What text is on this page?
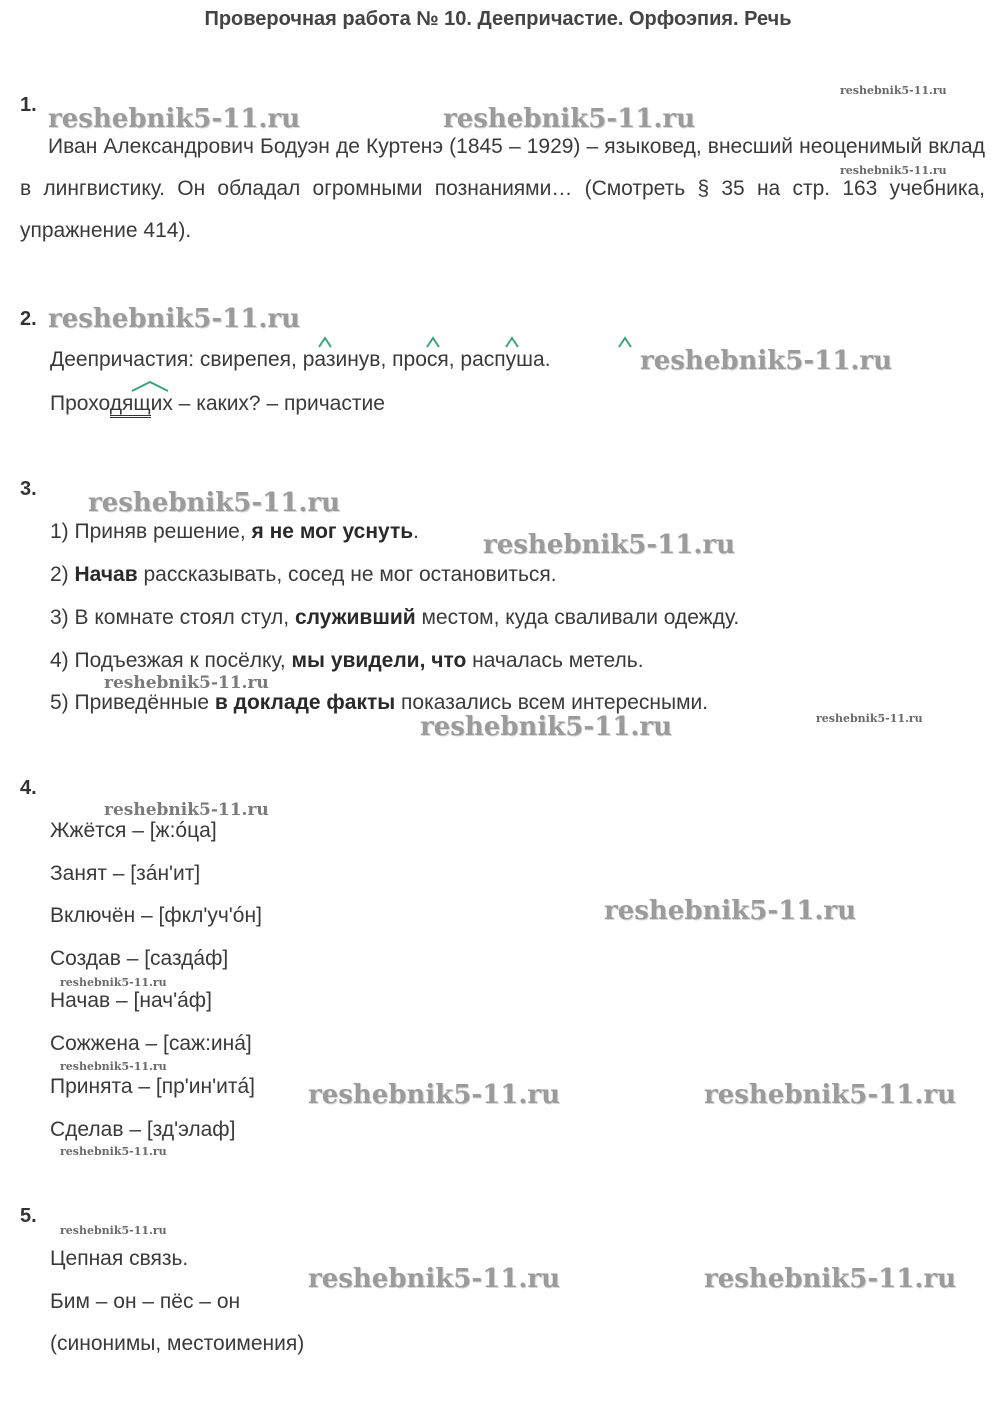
Проверочная работа № 10. Деепричастие. Орфоэпия. Речь
1. reshebnik5-11.ru	reshebnik5-11.ru
reshebnik5-11.ru
reshebnik5-11.ru
Иван Александрович Бодуэн де Куртенэ (1845 – 1929) – языковед, внесший неоценимый вклад в лингвистику. Он обладал огромными познаниями… (Смотреть § 35 на стр. 163 учебника, упражнение 414).
2. reshebnik5-11.ru
Деепричастия: свирепея, разинув, прося, распуша.	reshebnik5-11.ru
Проходящих – каких? – причастие
3. reshebnik5-11.ru
1) Приняв решение, я не мог уснуть. reshebnik5-11.ru
2) Начав рассказывать, сосед не мог остановиться.
3) В комнате стоял стул, служивший местом, куда сваливали одежду.
4) Подъезжая к посёлку, мы увидели, что началась метель.
reshebnik5-11.ru
5) Приведённые в докладе факты показались всем интересными.
reshebnik5-11.ru
reshebnik5-11.ru
4.
reshebnik5-11.ru
Жжётся – [ж:óца]
Занят – [зáн'ит]
Включён – [фкл'уч'óн]	reshebnik5-11.ru
Создав – [саздáф]
reshebnik5-11.ru
Начав – [нач'áф]
Сожжена – [саж:инá]
reshebnik5-11.ru
Принята – [пр'ин'итá] reshebnik5-11.ru	reshebnik5-11.ru
Сделав – [зд'элаф]
reshebnik5-11.ru
5.
reshebnik5-11.ru
Цепная связь.
reshebnik5-11.ru	reshebnik5-11.ru
Бим – он – пёс – он
(синонимы, местоимения)
